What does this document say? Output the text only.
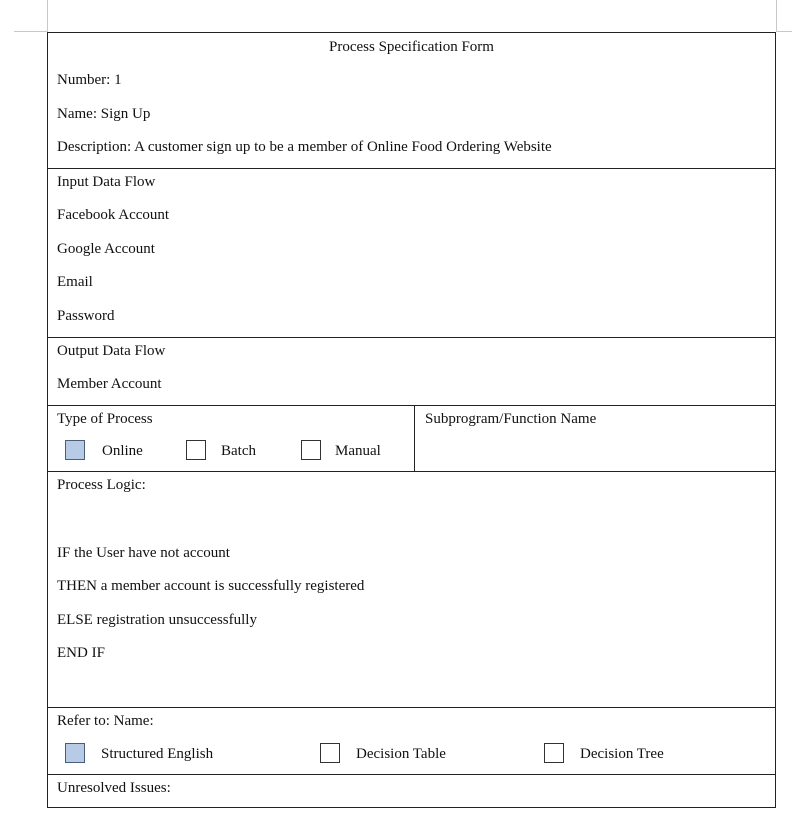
Process Specification Form
Number: 1
Name: Sign Up
Description: A customer sign up to be a member of Online Food Ordering Website
Input Data Flow
Facebook Account
Google Account
Email
Password
Output Data Flow
Member Account
Type of Process	Subprogram/Function Name
Online	Batch	Manual
Process Logic:
IF the User have not account
THEN a member account is successfully registered
ELSE registration unsuccessfully
END IF
Refer to: Name:
Structured English	Decision Table	Decision Tree
Unresolved Issues:
